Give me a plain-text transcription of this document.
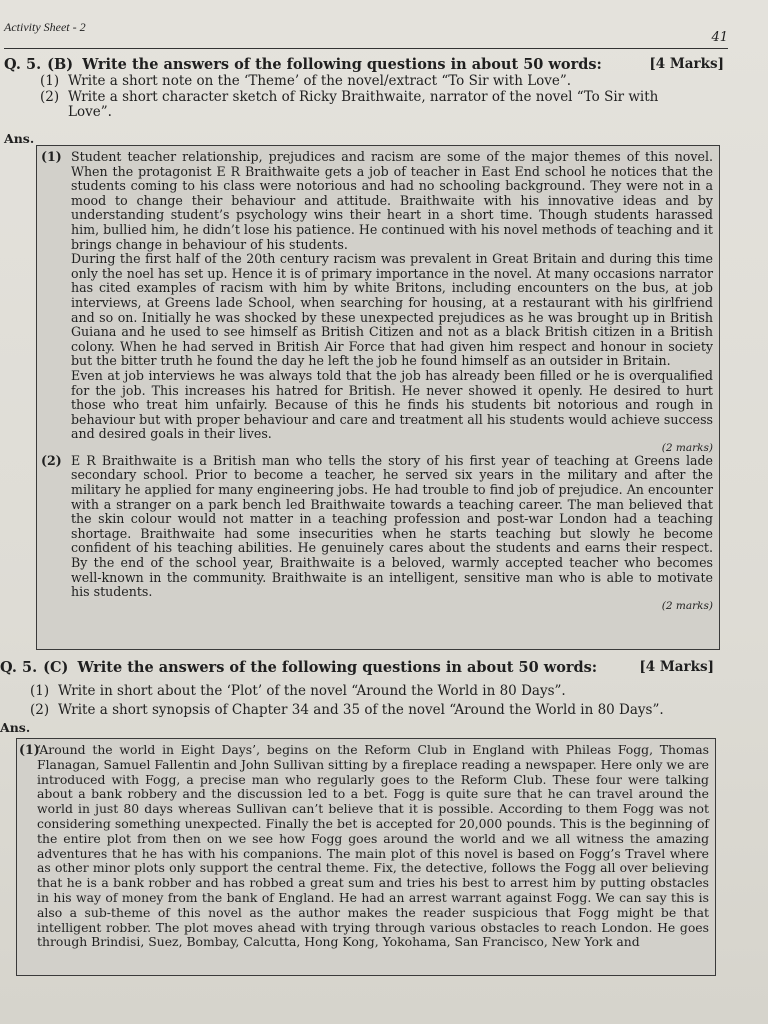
Activity Sheet - 2
41
Q. 5. (B) Write the answers of the following questions in about 50 words:	[4 Marks]
(1) Write a short note on the ‘Theme’ of the novel/extract “To Sir with Love”.
(2) Write a short character sketch of Ricky Braithwaite, narrator of the novel “To Sir with Love”.
Ans.
(1) Student teacher relationship, prejudices and racism are some of the major themes of this novel. When the protagonist E R Braithwaite gets a job of teacher in East End school he notices that the students coming to his class were notorious and had no schooling background. They were not in a mood to change their behaviour and attitude. Braithwaite with his innovative ideas and by understanding student’s psychology wins their heart in a short time. Though students harassed him, bullied him, he didn’t lose his patience. He continued with his novel methods of teaching and it brings change in behaviour of his students.
During the first half of the 20th century racism was prevalent in Great Britain and during this time only the noel has set up. Hence it is of primary importance in the novel. At many occasions narrator has cited examples of racism with him by white Britons, including encounters on the bus, at job interviews, at Greens lade School, when searching for housing, at a restaurant with his girlfriend and so on. Initially he was shocked by these unexpected prejudices as he was brought up in British Guiana and he used to see himself as British Citizen and not as a black British citizen in a British colony. When he had served in British Air Force that had given him respect and honour in society but the bitter truth he found the day he left the job he found himself as an outsider in Britain.
Even at job interviews he was always told that the job has already been filled or he is overqualified for the job. This increases his hatred for British. He never showed it openly. He desired to hurt those who treat him unfairly. Because of this he finds his students bit notorious and rough in behaviour but with proper behaviour and care and treatment all his students would achieve success and desired goals in their lives.
(2 marks)
(2) E R Braithwaite is a British man who tells the story of his first year of teaching at Greens lade secondary school. Prior to become a teacher, he served six years in the military and after the military he applied for many engineering jobs. He had trouble to find job of prejudice. An encounter with a stranger on a park bench led Braithwaite towards a teaching career. The man believed that the skin colour would not matter in a teaching profession and post-war London had a teaching shortage. Braithwaite had some insecurities when he starts teaching but slowly he become confident of his teaching abilities. He genuinely cares about the students and earns their respect. By the end of the school year, Braithwaite is a beloved, warmly accepted teacher who becomes well-known in the community. Braithwaite is an intelligent, sensitive man who is able to motivate his students.
(2 marks)
Q. 5. (C) Write the answers of the following questions in about 50 words:	[4 Marks]
(1) Write in short about the ‘Plot’ of the novel “Around the World in 80 Days”.
(2) Write a short synopsis of Chapter 34 and 35 of the novel “Around the World in 80 Days”.
Ans.
(1)
‘Around the world in Eight Days’, begins on the Reform Club in England with Phileas Fogg, Thomas Flanagan, Samuel Fallentin and John Sullivan sitting by a fireplace reading a newspaper. Here only we are introduced with Fogg, a precise man who regularly goes to the Reform Club. These four were talking about a bank robbery and the discussion led to a bet. Fogg is quite sure that he can travel around the world in just 80 days whereas Sullivan can’t believe that it is possible. According to them Fogg was not considering something unexpected. Finally the bet is accepted for 20,000 pounds. This is the beginning of the entire plot from then on we see how Fogg goes around the world and we all witness the amazing adventures that he has with his companions. The main plot of this novel is based on Fogg’s Travel where as other minor plots only support the central theme. Fix, the detective, follows the Fogg all over believing that he is a bank robber and has robbed a great sum and tries his best to arrest him by putting obstacles in his way of money from the bank of England. He had an arrest warrant against Fogg. We can say this is also a sub-theme of this novel as the author makes the reader suspicious that Fogg might be that intelligent robber. The plot moves ahead with trying through various obstacles to reach London. He goes through Brindisi, Suez, Bombay, Calcutta, Hong Kong, Yokohama, San Francisco, New York and
